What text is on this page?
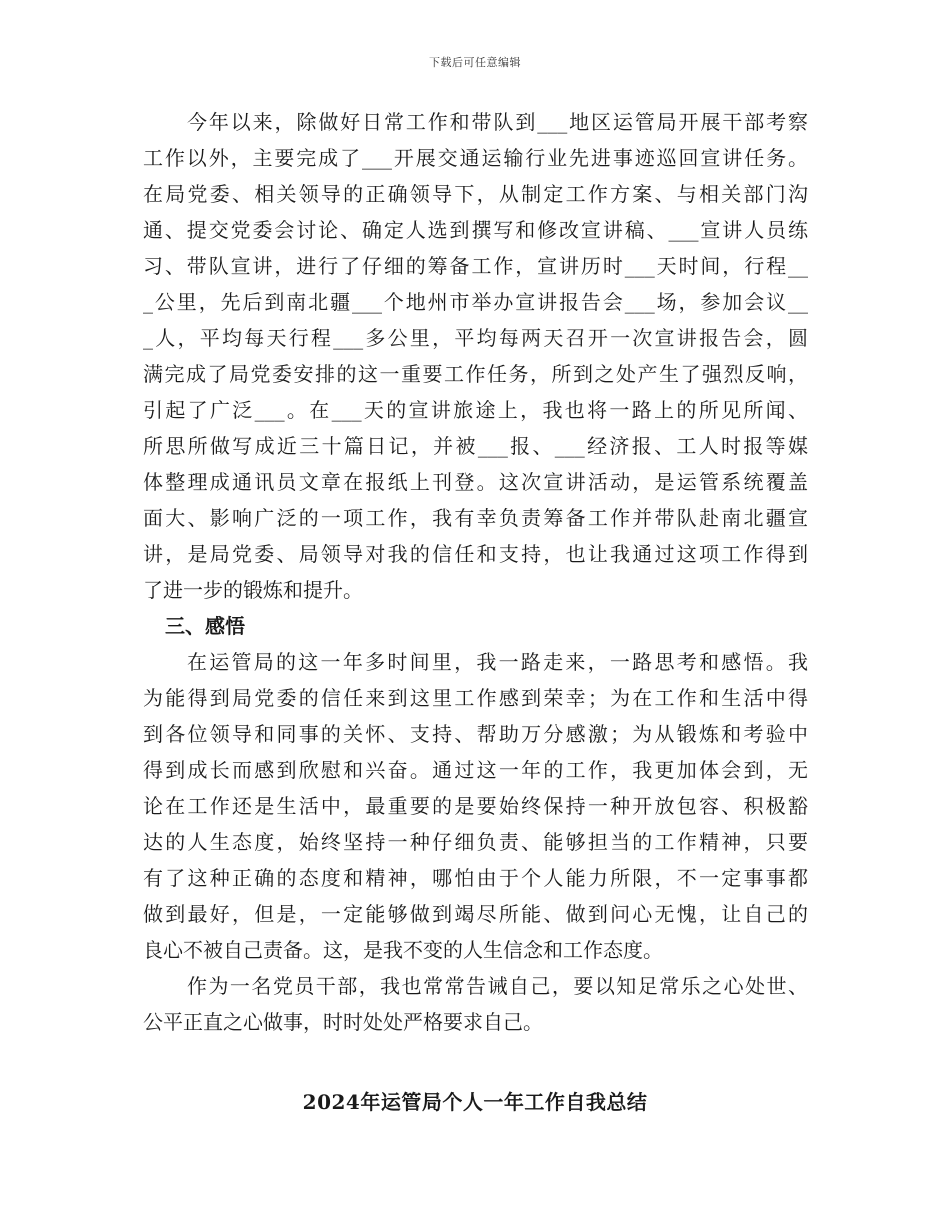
下载后可任意编辑
今年以来，除做好日常工作和带队到___地区运管局开展干部考察
工作以外，主要完成了___开展交通运输行业先进事迹巡回宣讲任务。
在局党委、相关领导的正确领导下，从制定工作方案、与相关部门沟
通、提交党委会讨论、确定人选到撰写和修改宣讲稿、___宣讲人员练
习、带队宣讲，进行了仔细的筹备工作，宣讲历时___天时间，行程__
_公里，先后到南北疆___个地州市举办宣讲报告会___场，参加会议__
_人，平均每天行程___多公里，平均每两天召开一次宣讲报告会，圆
满完成了局党委安排的这一重要工作任务，所到之处产生了强烈反响，
引起了广泛___。在___天的宣讲旅途上，我也将一路上的所见所闻、
所思所做写成近三十篇日记，并被___报、___经济报、工人时报等媒
体整理成通讯员文章在报纸上刊登。这次宣讲活动，是运管系统覆盖
面大、影响广泛的一项工作，我有幸负责筹备工作并带队赴南北疆宣
讲，是局党委、局领导对我的信任和支持，也让我通过这项工作得到
了进一步的锻炼和提升。
三、感悟
在运管局的这一年多时间里，我一路走来，一路思考和感悟。我
为能得到局党委的信任来到这里工作感到荣幸；为在工作和生活中得
到各位领导和同事的关怀、支持、帮助万分感激；为从锻炼和考验中
得到成长而感到欣慰和兴奋。通过这一年的工作，我更加体会到，无
论在工作还是生活中，最重要的是要始终保持一种开放包容、积极豁
达的人生态度，始终坚持一种仔细负责、能够担当的工作精神，只要
有了这种正确的态度和精神，哪怕由于个人能力所限，不一定事事都
做到最好，但是，一定能够做到竭尽所能、做到问心无愧，让自己的
良心不被自己责备。这，是我不变的人生信念和工作态度。
作为一名党员干部，我也常常告诫自己，要以知足常乐之心处世、
公平正直之心做事，时时处处严格要求自己。
2024年运管局个人一年工作自我总结
